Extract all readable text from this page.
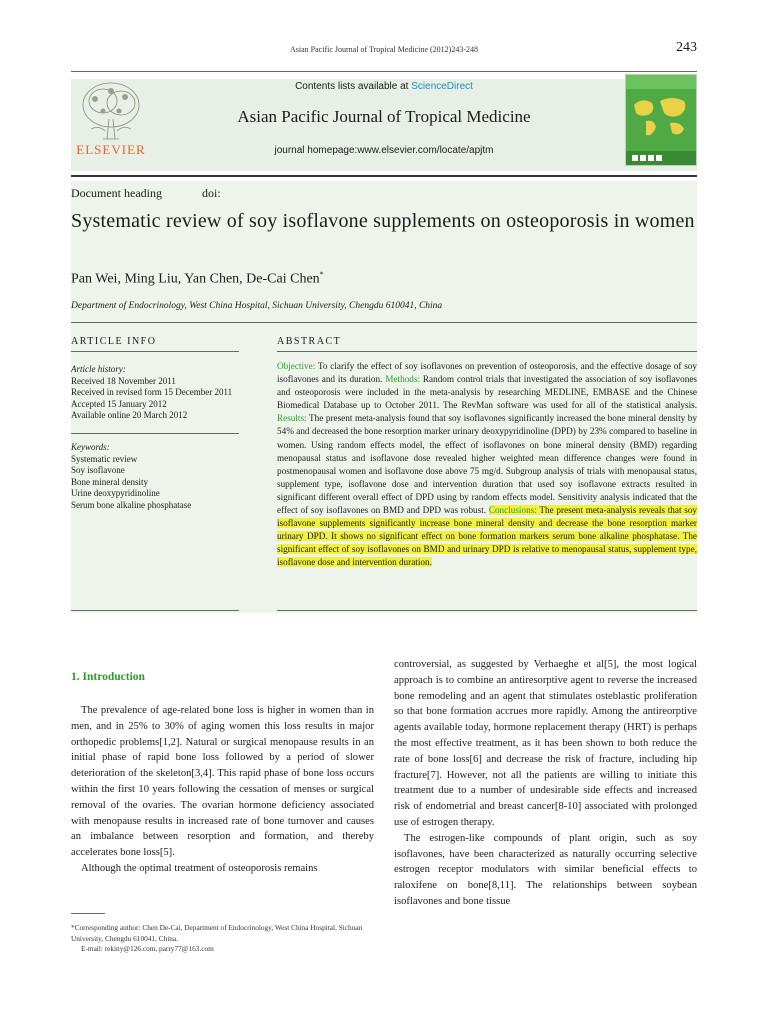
Asian Pacific Journal of Tropical Medicine (2012)243-248	243
ELSEVIER
Contents lists available at ScienceDirect
Asian Pacific Journal of Tropical Medicine
journal homepage:www.elsevier.com/locate/apjtm
Document heading	doi:
Systematic review of soy isoflavone supplements on osteoporosis in women
Pan Wei, Ming Liu, Yan Chen, De-Cai Chen*
Department of Endocrinology, West China Hospital, Sichuan University, Chengdu 610041, China
ARTICLE INFO
Article history:
Received 18 November 2011
Received in revised form 15 December 2011
Accepted 15 January 2012
Available online 20 March 2012
Keywords:
Systematic review
Soy isoflavone
Bone mineral density
Urine deoxypyridinoline
Serum bone alkaline phosphatase
ABSTRACT
Objective: To clarify the effect of soy isoflavones on prevention of osteoporosis, and the effective dosage of soy isoflavones and its duration. Methods: Random control trials that investigated the association of soy isoflavones and osteoporosis were included in the meta-analysis by researching MEDLINE, EMBASE and the Chinese Biomedical Database up to October 2011. The RevMan software was used for all of the statistical analysis. Results: The present meta-analysis found that soy isoflavones significantly increased the bone mineral density by 54% and decreased the bone resorption marker urinary deoxypyridinoline (DPD) by 23% compared to baseline in women. Using random effects model, the effect of isoflavones on bone mineral density (BMD) regarding menopausal status and isoflavone dose revealed higher weighted mean difference changes were found in postmenopausal women and isoflavone dose above 75 mg/d. Subgroup analysis of trials with menopausal status, supplement type, isoflavone dose and intervention duration that used soy isoflavone extracts resulted in significant different overall effect of DPD using by random effects model. Sensitivity analysis indicated that the effect of soy isoflavones on BMD and DPD was robust. Conclusions: The present meta-analysis reveals that soy isoflavone supplements significantly increase bone mineral density and decrease the bone resorption marker urinary DPD. It shows no significant effect on bone formation markers serum bone alkaline phosphatase. The significant effect of soy isoflavones on BMD and urinary DPD is relative to menopausal status, supplement type, isoflavone dose and intervention duration.
1. Introduction

The prevalence of age-related bone loss is higher in women than in men, and in 25% to 30% of aging women this loss results in major orthopedic problems[1,2]. Natural or surgical menopause results in an initial phase of rapid bone loss followed by a period of slower deterioration of the skeleton[3,4]. This rapid phase of bone loss occurs within the first 10 years following the cessation of menses or surgical removal of the ovaries. The ovarian hormone deficiency associated with menopause results in increased rate of bone turnover and causes an imbalance between resorption and formation, and thereby accelerates bone loss[5].

Although the optimal treatment of osteoporosis remains

controversial, as suggested by Verhaeghe et al[5], the most logical approach is to combine an antiresorptive agent to reverse the increased bone remodeling and an agent that stimulates osteblastic proliferation so that bone formation accrues more rapidly. Among the antireorptive agents available today, hormone replacement therapy (HRT) is perhaps the most effective treatment, as it has been shown to both reduce the rate of bone loss[6] and decrease the risk of fracture, including hip fracture[7]. However, not all the patients are willing to initiate this treatment due to a number of undesirable side effects and increased risk of endometrial and breast cancer[8-10] associated with prolonged use of estrogen therapy.

The estrogen-like compounds of plant origin, such as soy isoflavones, have been characterized as naturally occurring selective estrogen receptor modulators with similar beneficial effects to raloxifene on bone[8,11]. The relationships between soybean isoflavones and bone tissue

*Corresponding author: Chen De-Cai, Department of Endocrinology, West China Hospital, Sichuan University, Chengdu 610041, China.
E-mail: rekiny@126.com, parry77@163.com
